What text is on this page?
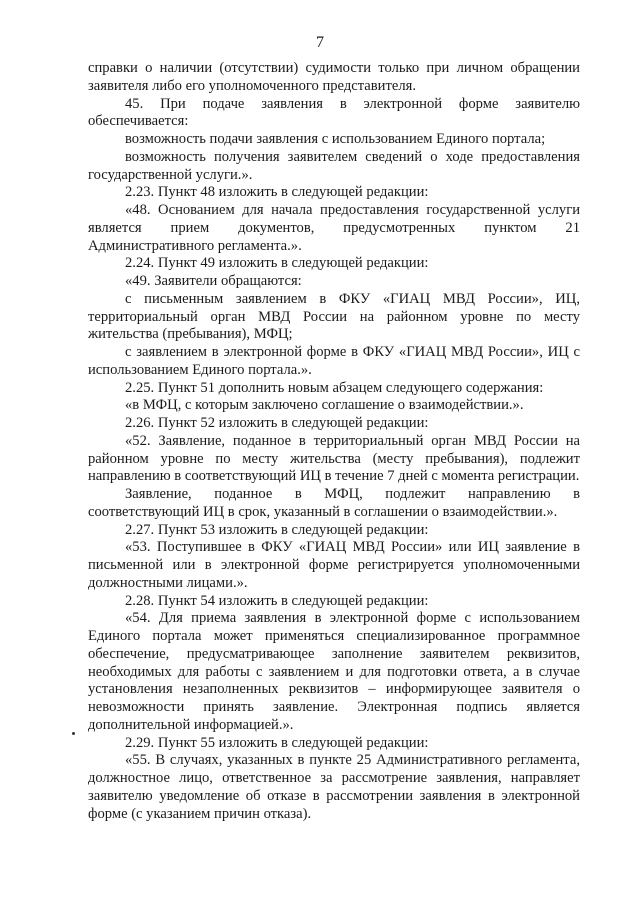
7

справки о наличии (отсутствии) судимости только при личном обращении заявителя либо его уполномоченного представителя.

45. При подаче заявления в электронной форме заявителю обеспечивается:

возможность подачи заявления с использованием Единого портала;

возможность получения заявителем сведений о ходе предоставления государственной услуги.».

2.23. Пункт 48 изложить в следующей редакции:

«48. Основанием для начала предоставления государственной услуги является прием документов, предусмотренных пунктом 21 Административного регламента.».

2.24. Пункт 49 изложить в следующей редакции:

«49. Заявители обращаются:

с письменным заявлением в ФКУ «ГИАЦ МВД России», ИЦ, территориальный орган МВД России на районном уровне по месту жительства (пребывания), МФЦ;

с заявлением в электронной форме в ФКУ «ГИАЦ МВД России», ИЦ с использованием Единого портала.».

2.25. Пункт 51 дополнить новым абзацем следующего содержания:

«в МФЦ, с которым заключено соглашение о взаимодействии.».

2.26. Пункт 52 изложить в следующей редакции:

«52. Заявление, поданное в территориальный орган МВД России на районном уровне по месту жительства (месту пребывания), подлежит направлению в соответствующий ИЦ в течение 7 дней с момента регистрации.

Заявление, поданное в МФЦ, подлежит направлению в соответствующий ИЦ в срок, указанный в соглашении о взаимодействии.».

2.27. Пункт 53 изложить в следующей редакции:

«53. Поступившее в ФКУ «ГИАЦ МВД России» или ИЦ заявление в письменной или в электронной форме регистрируется уполномоченными должностными лицами.».

2.28. Пункт 54 изложить в следующей редакции:

«54. Для приема заявления в электронной форме с использованием Единого портала может применяться специализированное программное обеспечение, предусматривающее заполнение заявителем реквизитов, необходимых для работы с заявлением и для подготовки ответа, а в случае установления незаполненных реквизитов – информирующее заявителя о невозможности принять заявление. Электронная подпись является дополнительной информацией.».

2.29. Пункт 55 изложить в следующей редакции:

«55. В случаях, указанных в пункте 25 Административного регламента, должностное лицо, ответственное за рассмотрение заявления, направляет заявителю уведомление об отказе в рассмотрении заявления в электронной форме (с указанием причин отказа).
